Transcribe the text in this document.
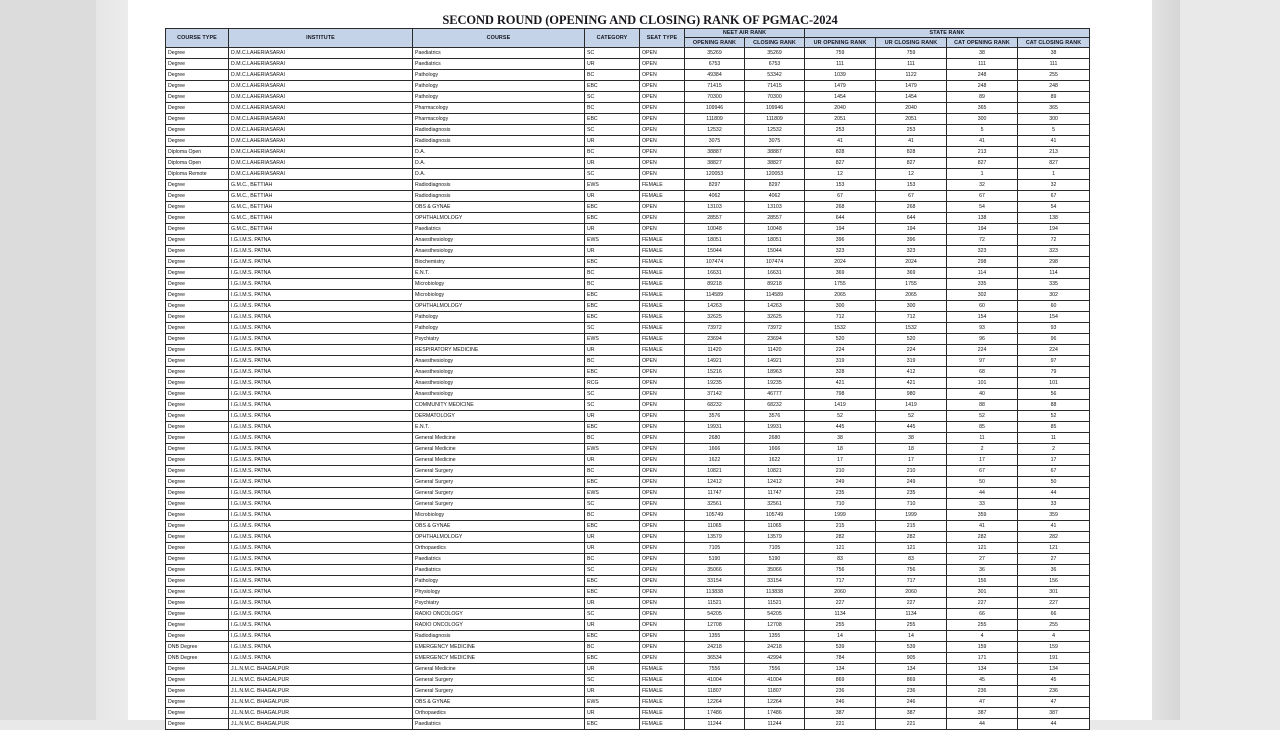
SECOND ROUND (OPENING AND CLOSING) RANK OF PGMAC-2024
COURSE TYPE	INSTITUTE	COURSE	CATEGORY	SEAT TYPE	NEET AIR RANK		STATE RANK			
					OPENING RANK	CLOSING RANK	UR OPENING RANK	UR CLOSING RANK	CAT OPENING RANK	CAT CLOSING RANK
Degree	D.M.C.LAHERIASARAI	Paediatrics	SC	OPEN	35269	35269	759	759	38	38
Degree	D.M.C.LAHERIASARAI	Paediatrics	UR	OPEN	6753	6753	111	111	111	111
Degree	D.M.C.LAHERIASARAI	Pathology	BC	OPEN	49384	53342	1039	1122	248	255
Degree	D.M.C.LAHERIASARAI	Pathology	EBC	OPEN	71415	71415	1479	1479	248	248
Degree	D.M.C.LAHERIASARAI	Pathology	SC	OPEN	70300	70300	1454	1454	89	89
Degree	D.M.C.LAHERIASARAI	Pharmacology	BC	OPEN	109946	109946	2040	2040	365	365
Degree	D.M.C.LAHERIASARAI	Pharmacology	EBC	OPEN	111809	111809	2051	2051	300	300
Degree	D.M.C.LAHERIASARAI	Radiodiagnosis	SC	OPEN	12532	12532	253	253	5	5
Degree	D.M.C.LAHERIASARAI	Radiodiagnosis	UR	OPEN	3075	3075	41	41	41	41
Diploma Open	D.M.C.LAHERIASARAI	D.A.	BC	OPEN	38887	38887	828	828	213	213
Diploma Open	D.M.C.LAHERIASARAI	D.A.	UR	OPEN	38827	38827	827	827	827	827
Diploma Remote	D.M.C.LAHERIASARAI	D.A.	SC	OPEN	120053	120053	12	12	1	1
Degree	G.M.C., BETTIAH	Radiodiagnosis	EWS	FEMALE	8297	8297	153	153	32	32
Degree	G.M.C., BETTIAH	Radiodiagnosis	UR	FEMALE	4062	4062	67	67	67	67
Degree	G.M.C., BETTIAH	OBS & GYNAE	EBC	OPEN	13103	13103	268	268	54	54
Degree	G.M.C., BETTIAH	OPHTHALMOLOGY	EBC	OPEN	28557	28557	644	644	138	138
Degree	G.M.C., BETTIAH	Paediatrics	UR	OPEN	10048	10048	194	194	194	194
Degree	I.G.I.M.S. PATNA	Anaesthesiology	EWS	FEMALE	18051	18051	396	396	72	72
Degree	I.G.I.M.S. PATNA	Anaesthesiology	UR	FEMALE	15044	15044	323	323	323	323
Degree	I.G.I.M.S. PATNA	Biochemistry	EBC	FEMALE	107474	107474	2024	2024	298	298
Degree	I.G.I.M.S. PATNA	E.N.T.	BC	FEMALE	16631	16631	369	369	114	114
Degree	I.G.I.M.S. PATNA	Microbiology	BC	FEMALE	89218	89218	1755	1755	335	335
Degree	I.G.I.M.S. PATNA	Microbiology	EBC	FEMALE	114589	114589	2065	2065	302	302
Degree	I.G.I.M.S. PATNA	OPHTHALMOLOGY	EBC	FEMALE	14263	14263	300	300	60	60
Degree	I.G.I.M.S. PATNA	Pathology	EBC	FEMALE	32625	32625	712	712	154	154
Degree	I.G.I.M.S. PATNA	Pathology	SC	FEMALE	73972	73972	1532	1532	93	93
Degree	I.G.I.M.S. PATNA	Psychiatry	EWS	FEMALE	23694	23694	520	520	96	96
Degree	I.G.I.M.S. PATNA	RESPIRATORY MEDICINE	UR	FEMALE	11420	11420	224	224	224	224
Degree	I.G.I.M.S. PATNA	Anaesthesiology	BC	OPEN	14921	14921	319	319	97	97
Degree	I.G.I.M.S. PATNA	Anaesthesiology	EBC	OPEN	15216	18963	328	412	68	79
Degree	I.G.I.M.S. PATNA	Anaesthesiology	RCG	OPEN	19235	19235	421	421	101	101
Degree	I.G.I.M.S. PATNA	Anaesthesiology	SC	OPEN	37142	46777	798	980	40	56
Degree	I.G.I.M.S. PATNA	COMMUNITY MEDICINE	SC	OPEN	68232	68232	1419	1419	88	88
Degree	I.G.I.M.S. PATNA	DERMATOLOGY	UR	OPEN	3576	3576	52	52	52	52
Degree	I.G.I.M.S. PATNA	E.N.T.	EBC	OPEN	19931	19931	445	445	85	85
Degree	I.G.I.M.S. PATNA	General Medicine	BC	OPEN	2680	2680	38	38	11	11
Degree	I.G.I.M.S. PATNA	General Medicine	EWS	OPEN	1666	1666	18	18	2	2
Degree	I.G.I.M.S. PATNA	General Medicine	UR	OPEN	1622	1622	17	17	17	17
Degree	I.G.I.M.S. PATNA	General Surgery	BC	OPEN	10821	10821	210	210	67	67
Degree	I.G.I.M.S. PATNA	General Surgery	EBC	OPEN	12412	12412	249	249	50	50
Degree	I.G.I.M.S. PATNA	General Surgery	EWS	OPEN	11747	11747	235	235	44	44
Degree	I.G.I.M.S. PATNA	General Surgery	SC	OPEN	32561	32561	710	710	33	33
Degree	I.G.I.M.S. PATNA	Microbiology	BC	OPEN	105749	105749	1999	1999	359	359
Degree	I.G.I.M.S. PATNA	OBS & GYNAE	EBC	OPEN	11065	11065	215	215	41	41
Degree	I.G.I.M.S. PATNA	OPHTHALMOLOGY	UR	OPEN	13579	13579	282	282	282	282
Degree	I.G.I.M.S. PATNA	Orthopaedics	UR	OPEN	7105	7105	121	121	121	121
Degree	I.G.I.M.S. PATNA	Paediatrics	BC	OPEN	5190	5190	83	83	27	27
Degree	I.G.I.M.S. PATNA	Paediatrics	SC	OPEN	35066	35066	756	756	36	36
Degree	I.G.I.M.S. PATNA	Pathology	EBC	OPEN	33154	33154	717	717	156	156
Degree	I.G.I.M.S. PATNA	Physiology	EBC	OPEN	113838	113838	2060	2060	301	301
Degree	I.G.I.M.S. PATNA	Psychiatry	UR	OPEN	11521	11521	227	227	227	227
Degree	I.G.I.M.S. PATNA	RADIO ONCOLOGY	SC	OPEN	54205	54205	1134	1134	66	66
Degree	I.G.I.M.S. PATNA	RADIO ONCOLOGY	UR	OPEN	12708	12708	255	255	255	255
Degree	I.G.I.M.S. PATNA	Radiodiagnosis	EBC	OPEN	1355	1355	14	14	4	4
DNB Degree	I.G.I.M.S. PATNA	EMERGENCY MEDICINE	BC	OPEN	24218	24218	539	539	159	159
DNB Degree	I.G.I.M.S. PATNA	EMERGENCY MEDICINE	EBC	OPEN	36534	42994	784	905	171	191
Degree	J.L.N.M.C. BHAGALPUR	General Medicine	UR	FEMALE	7556	7556	134	134	134	134
Degree	J.L.N.M.C. BHAGALPUR	General Surgery	SC	FEMALE	41004	41004	869	869	45	45
Degree	J.L.N.M.C. BHAGALPUR	General Surgery	UR	FEMALE	11807	11807	236	236	236	236
Degree	J.L.N.M.C. BHAGALPUR	OBS & GYNAE	EWS	FEMALE	12264	12264	246	246	47	47
Degree	J.L.N.M.C. BHAGALPUR	Orthopaedics	UR	FEMALE	17486	17486	387	387	387	387
Degree	J.L.N.M.C. BHAGALPUR	Paediatrics	EBC	FEMALE	11244	11244	221	221	44	44
